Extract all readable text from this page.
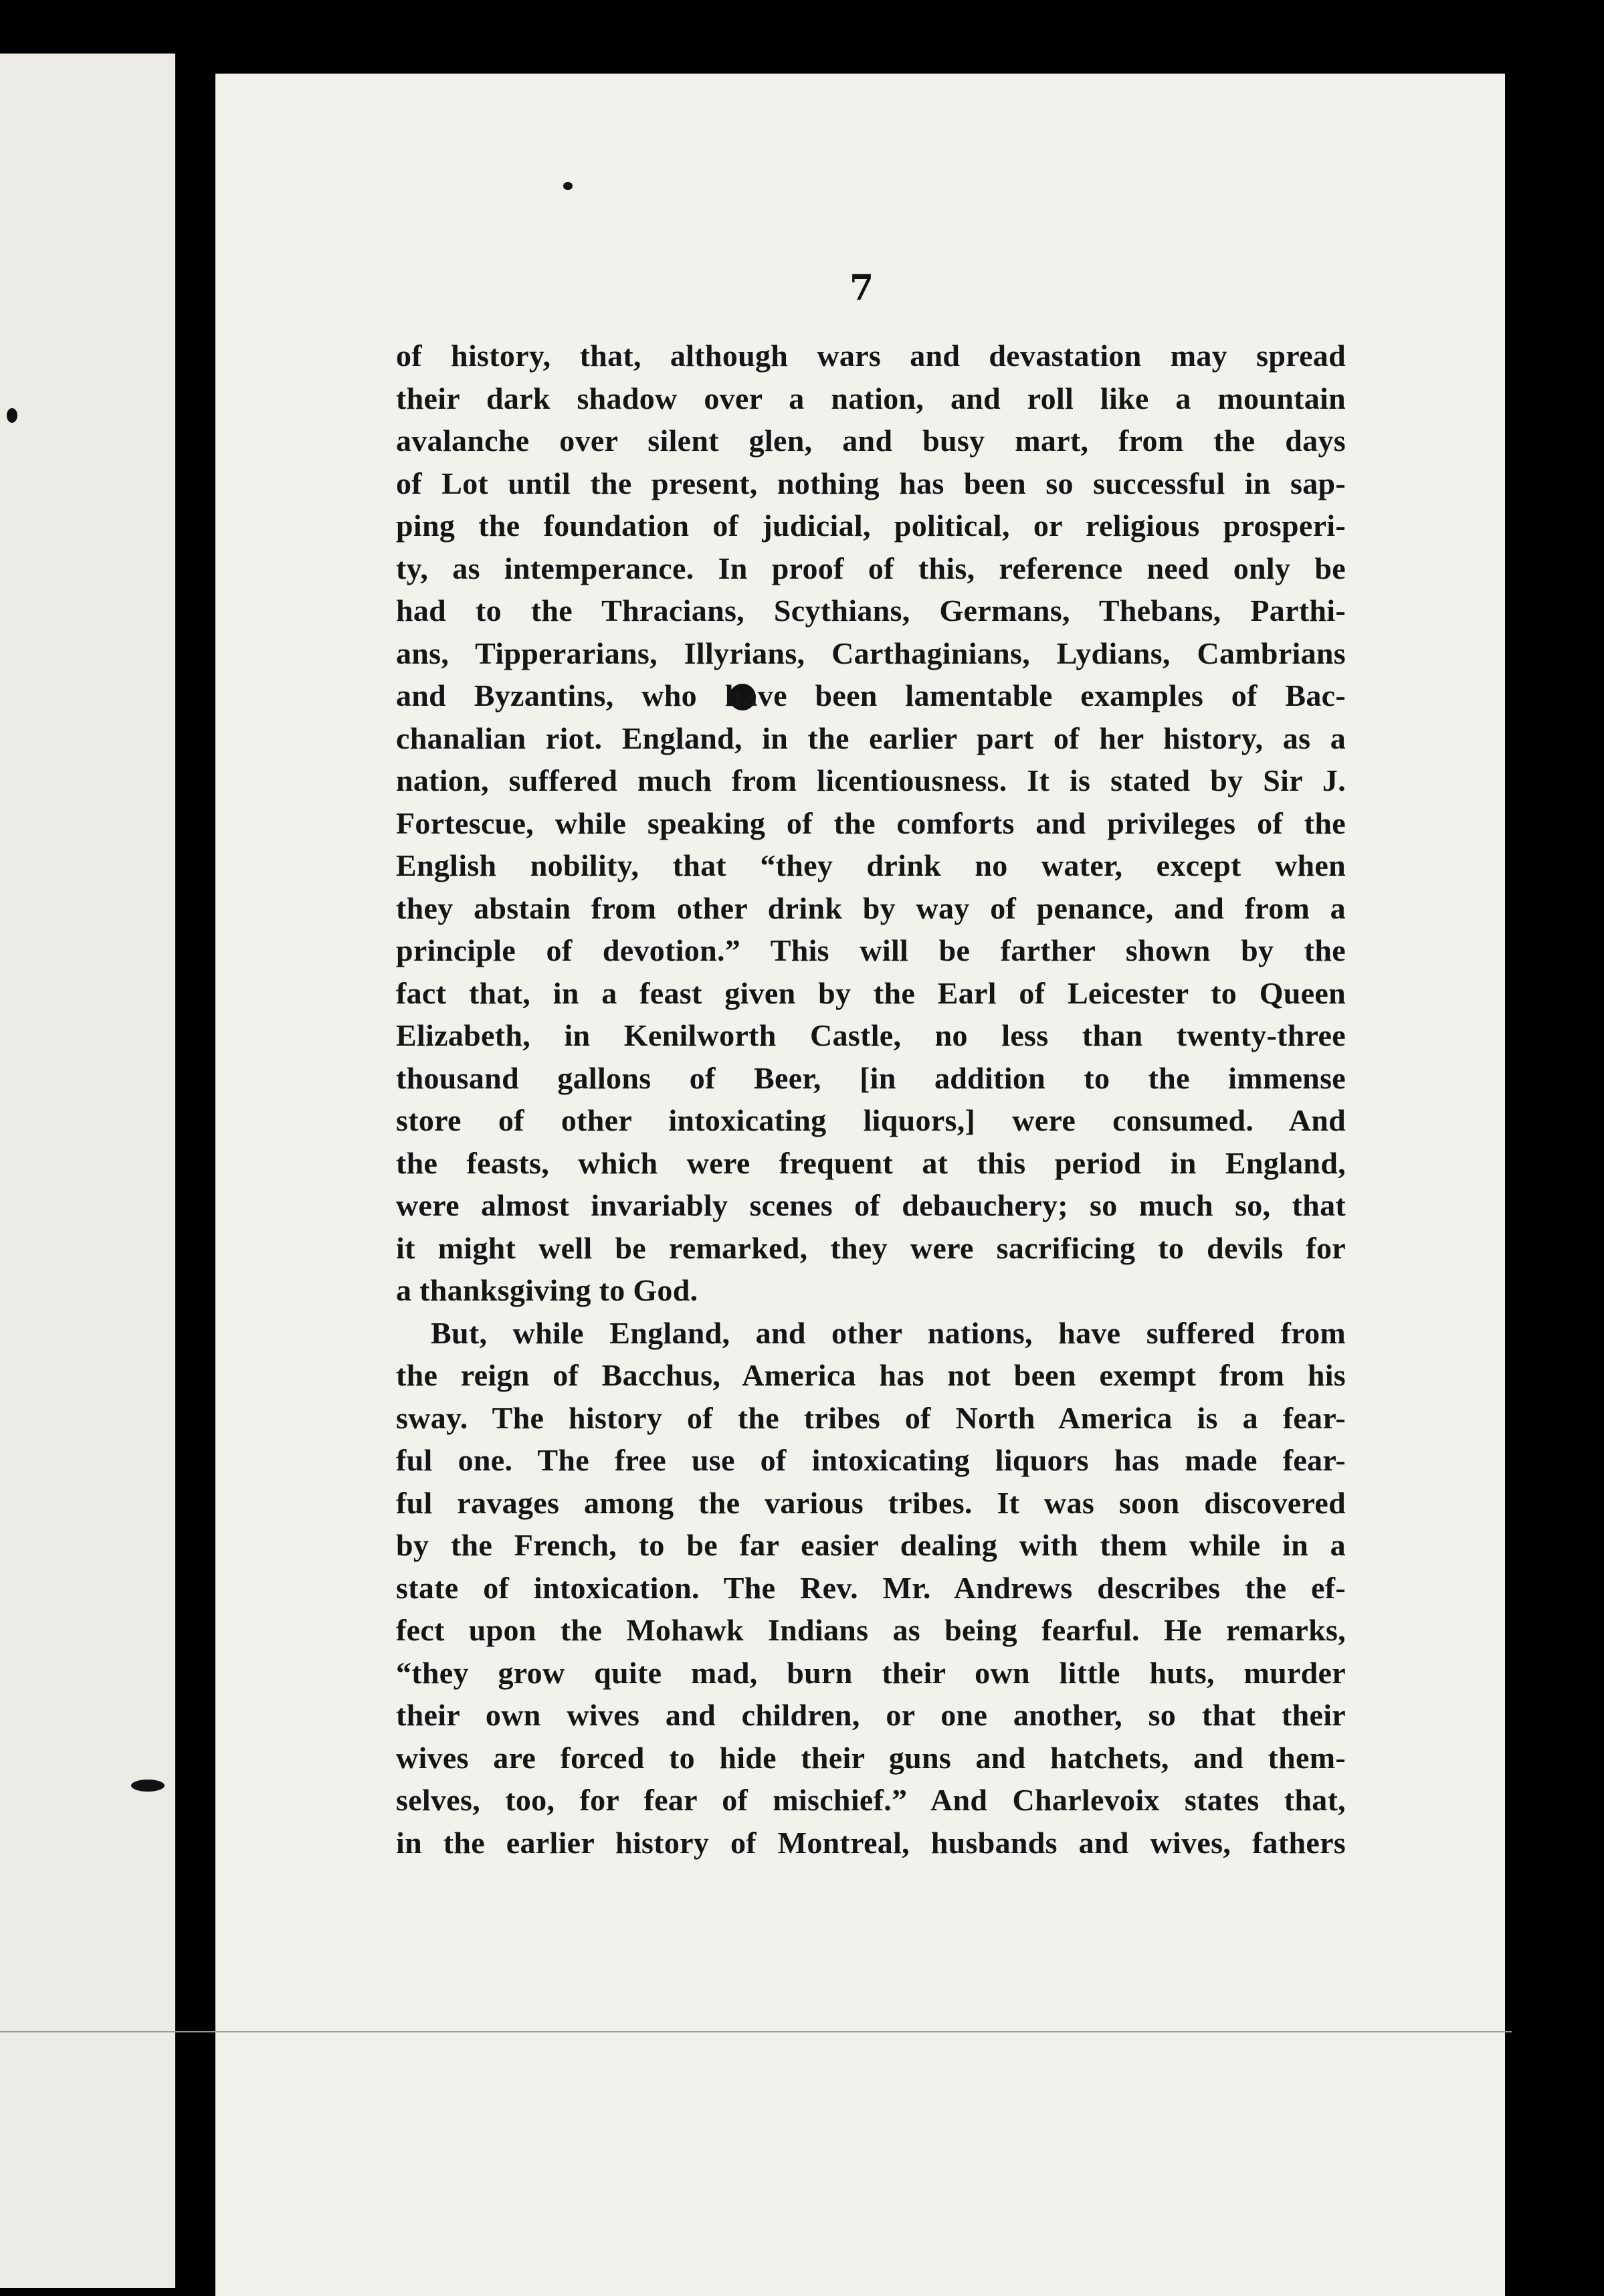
7
of history, that, although wars and devastation may spread
their dark shadow over a nation, and roll like a mountain
avalanche over silent glen, and busy mart, from the days
of Lot until the present, nothing has been so successful in sap-
ping the foundation of judicial, political, or religious prosperi-
ty, as intemperance. In proof of this, reference need only be
had to the Thracians, Scythians, Germans, Thebans, Parthi-
ans, Tipperarians, Illyrians, Carthaginians, Lydians, Cambrians
and Byzantins, who have been lamentable examples of Bac-
chanalian riot. England, in the earlier part of her history, as a
nation, suffered much from licentiousness. It is stated by Sir J.
Fortescue, while speaking of the comforts and privileges of the
English nobility, that “they drink no water, except when
they abstain from other drink by way of penance, and from a
principle of devotion.” This will be farther shown by the
fact that, in a feast given by the Earl of Leicester to Queen
Elizabeth, in Kenilworth Castle, no less than twenty-three
thousand gallons of Beer, [in addition to the immense
store of other intoxicating liquors,] were consumed. And
the feasts, which were frequent at this period in England,
were almost invariably scenes of debauchery; so much so, that
it might well be remarked, they were sacrificing to devils for
a thanksgiving to God.
But, while England, and other nations, have suffered from
the reign of Bacchus, America has not been exempt from his
sway. The history of the tribes of North America is a fear-
ful one. The free use of intoxicating liquors has made fear-
ful ravages among the various tribes. It was soon discovered
by the French, to be far easier dealing with them while in a
state of intoxication. The Rev. Mr. Andrews describes the ef-
fect upon the Mohawk Indians as being fearful. He remarks,
“they grow quite mad, burn their own little huts, murder
their own wives and children, or one another, so that their
wives are forced to hide their guns and hatchets, and them-
selves, too, for fear of mischief.” And Charlevoix states that,
in the earlier history of Montreal, husbands and wives, fathers
